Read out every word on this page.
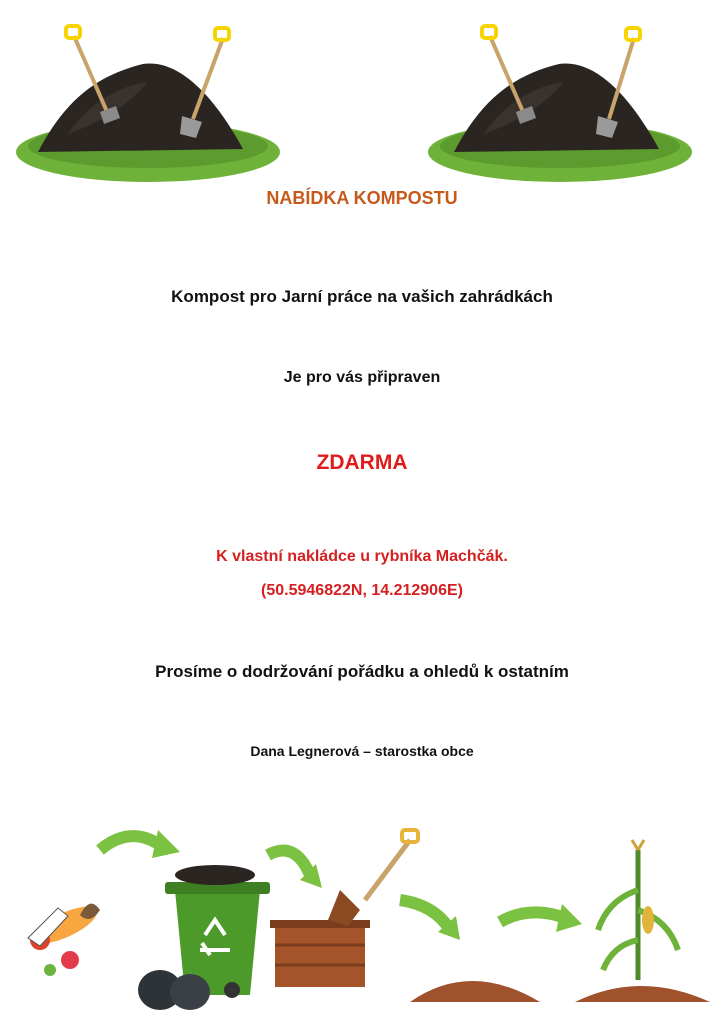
NABÍDKA KOMPOSTU
Kompost pro Jarní práce na vašich zahrádkách
Je pro vás připraven
ZDARMA
K vlastní nakládce u rybníka Machčák.
(50.5946822N, 14.212906E)
Prosíme o dodržování pořádku a ohledů k ostatním
Dana Legnerová – starostka obce
